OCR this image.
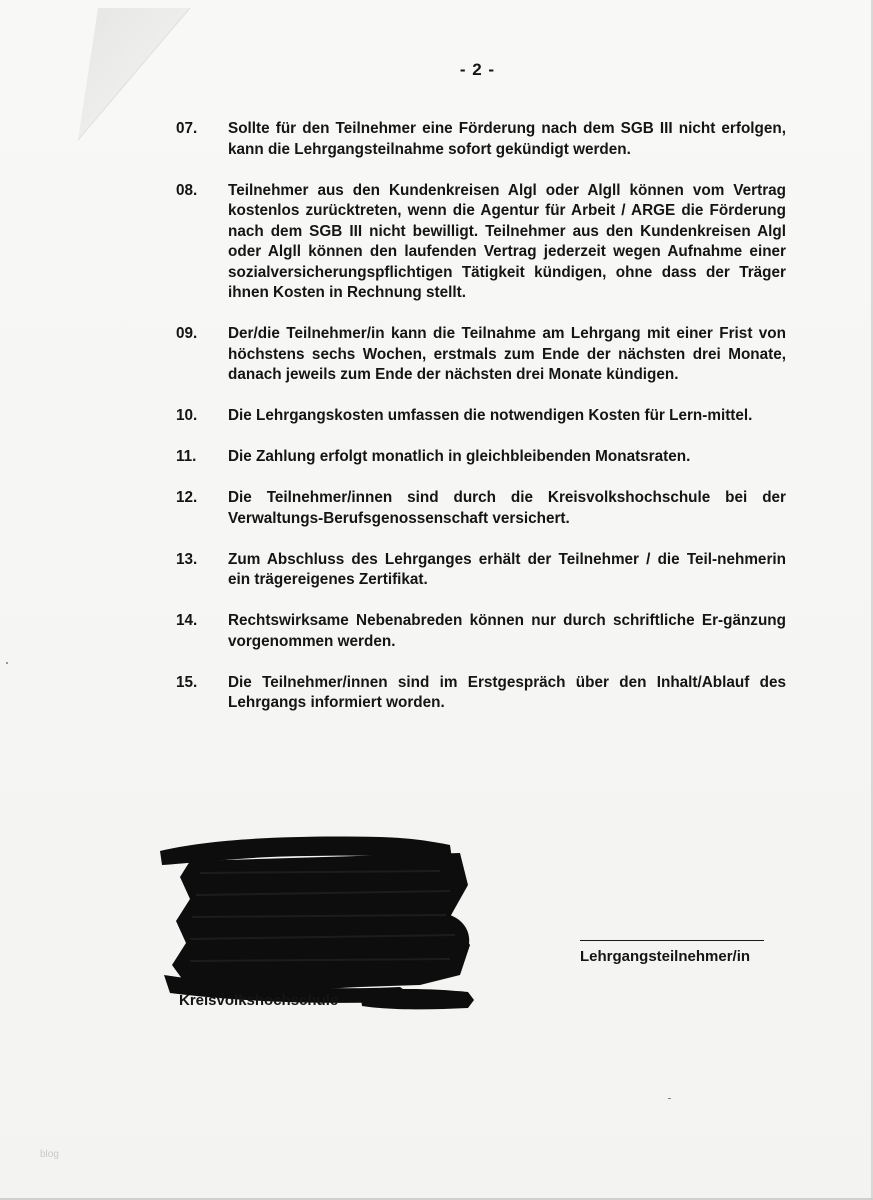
- 2 -
07.	Sollte für den Teilnehmer eine Förderung nach dem SGB III nicht erfolgen, kann die Lehrgangsteilnahme sofort gekündigt werden.
08.	Teilnehmer aus den Kundenkreisen Algl oder Algll können vom Vertrag kostenlos zurücktreten, wenn die Agentur für Arbeit / ARGE die Förderung nach dem SGB III nicht bewilligt. Teilnehmer aus den Kundenkreisen Algl oder Algll können den laufenden Vertrag jederzeit wegen Aufnahme einer sozialversicherungspflichtigen Tätigkeit kündigen, ohne dass der Träger ihnen Kosten in Rechnung stellt.
09.	Der/die Teilnehmer/in kann die Teilnahme am Lehrgang mit einer Frist von höchstens sechs Wochen, erstmals zum Ende der nächsten drei Monate, danach jeweils zum Ende der nächsten drei Monate kündigen.
10.	Die Lehrgangskosten umfassen die notwendigen Kosten für Lern-mittel.
11.	Die Zahlung erfolgt monatlich in gleichbleibenden Monatsraten.
12.	Die Teilnehmer/innen sind durch die Kreisvolkshochschule bei der Verwaltungs-Berufsgenossenschaft versichert.
13.	Zum Abschluss des Lehrganges erhält der Teilnehmer / die Teil-nehmerin ein trägereigenes Zertifikat.
14.	Rechtswirksame Nebenabreden können nur durch schriftliche Er-gänzung vorgenommen werden.
15.	Die Teilnehmer/innen sind im Erstgespräch über den Inhalt/Ablauf des Lehrgangs informiert worden.
Lehrgangsteilnehmer/in
Kreisvolkshochschule
blog
